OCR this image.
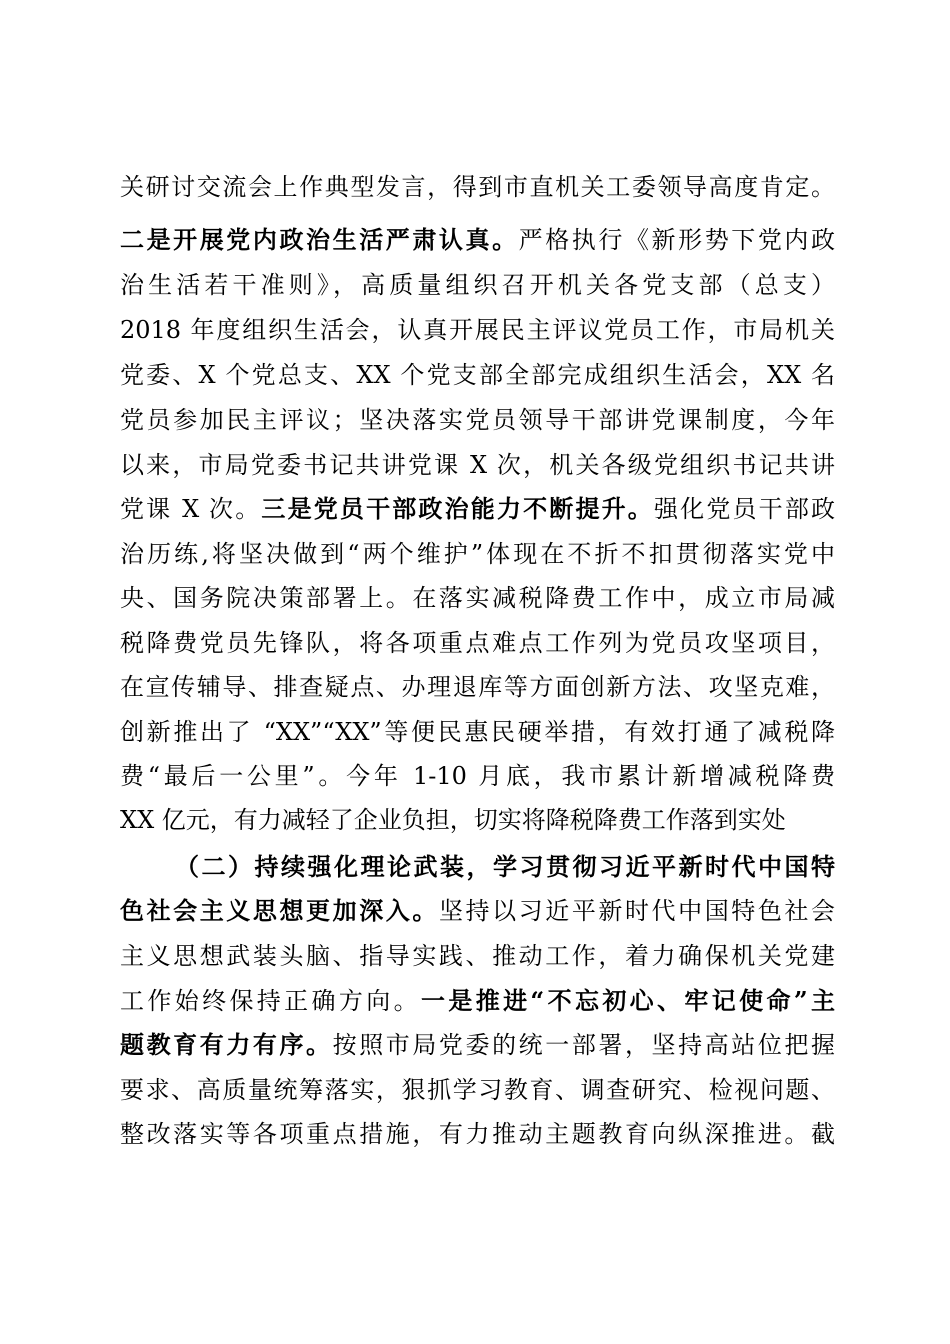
关研讨交流会上作典型发言，得到市直机关工委领导高度肯定。
二是开展党内政治生活严肃认真。严格执行《新形势下党内政
治生活若干准则》，高质量组织召开机关各党支部（总支）
2018 年度组织生活会，认真开展民主评议党员工作，市局机关
党委、X 个党总支、XX 个党支部全部完成组织生活会，XX 名
党员参加民主评议；坚决落实党员领导干部讲党课制度，今年
以来，市局党委书记共讲党课 X 次，机关各级党组织书记共讲
党课 X 次。三是党员干部政治能力不断提升。强化党员干部政
治历练,将坚决做到“两个维护”体现在不折不扣贯彻落实党中
央、国务院决策部署上。在落实减税降费工作中，成立市局减
税降费党员先锋队，将各项重点难点工作列为党员攻坚项目，
在宣传辅导、排查疑点、办理退库等方面创新方法、攻坚克难，
创新推出了 “XX”“XX”等便民惠民硬举措，有效打通了减税降
费“最后一公里”。今年 1-10 月底，我市累计新增减税降费
XX 亿元，有力减轻了企业负担，切实将降税降费工作落到实处
（二）持续强化理论武装，学习贯彻习近平新时代中国特
色社会主义思想更加深入。坚持以习近平新时代中国特色社会
主义思想武装头脑、指导实践、推动工作，着力确保机关党建
工作始终保持正确方向。一是推进“不忘初心、牢记使命”主
题教育有力有序。按照市局党委的统一部署，坚持高站位把握
要求、高质量统筹落实，狠抓学习教育、调查研究、检视问题、
整改落实等各项重点措施，有力推动主题教育向纵深推进。截
